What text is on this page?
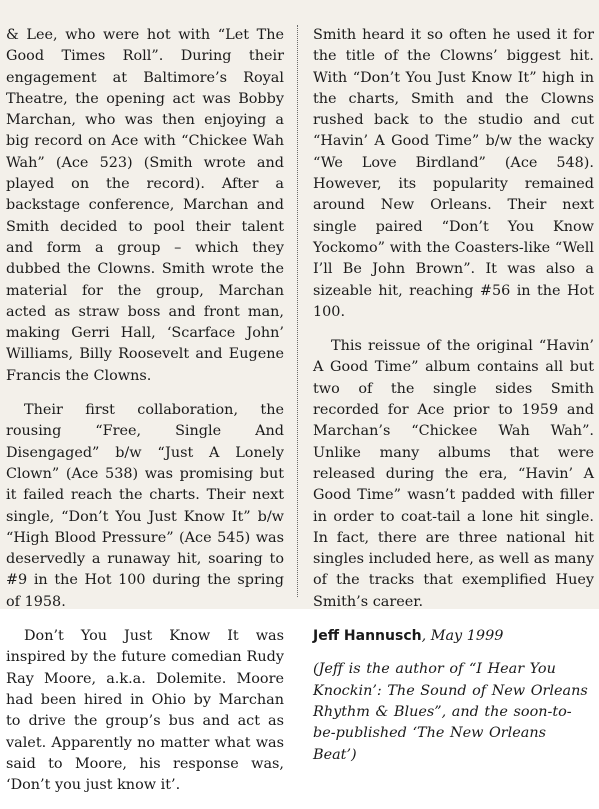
& Lee, who were hot with “Let The Good Times Roll”. During their engagement at Baltimore’s Royal Theatre, the opening act was Bobby Marchan, who was then enjoying a big record on Ace with “Chickee Wah Wah” (Ace 523) (Smith wrote and played on the record). After a backstage conference, Marchan and Smith decided to pool their talent and form a group – which they dubbed the Clowns. Smith wrote the material for the group, Marchan acted as straw boss and front man, making Gerri Hall, ‘Scarface John’ Williams, Billy Roosevelt and Eugene Francis the Clowns.

Their first collaboration, the rousing “Free, Single And Disengaged” b/w “Just A Lonely Clown” (Ace 538) was promising but it failed reach the charts. Their next single, “Don’t You Just Know It” b/w “High Blood Pressure” (Ace 545) was deservedly a runaway hit, soaring to #9 in the Hot 100 during the spring of 1958.

Don’t You Just Know It was inspired by the future comedian Rudy Ray Moore, a.k.a. Dolemite. Moore had been hired in Ohio by Marchan to drive the group’s bus and act as valet. Apparently no matter what was said to Moore, his response was, ‘Don’t you just know it’.

Smith heard it so often he used it for the title of the Clowns’ biggest hit. With “Don’t You Just Know It” high in the charts, Smith and the Clowns rushed back to the studio and cut “Havin’ A Good Time” b/w the wacky “We Love Birdland” (Ace 548). However, its popularity remained around New Orleans. Their next single paired “Don’t You Know Yockomo” with the Coasters-like “Well I’ll Be John Brown”. It was also a sizeable hit, reaching #56 in the Hot 100.

This reissue of the original “Havin’ A Good Time” album contains all but two of the single sides Smith recorded for Ace prior to 1959 and Marchan’s “Chickee Wah Wah”. Unlike many albums that were released during the era, “Havin’ A Good Time” wasn’t padded with filler in order to coat-tail a lone hit single. In fact, there are three national hit singles included here, as well as many of the tracks that exemplified Huey Smith’s career.

Jeff Hannusch, May 1999

(Jeff is the author of “I Hear You Knockin’: The Sound of New Orleans Rhythm & Blues”, and the soon-to-be-published ‘The New Orleans Beat’)
